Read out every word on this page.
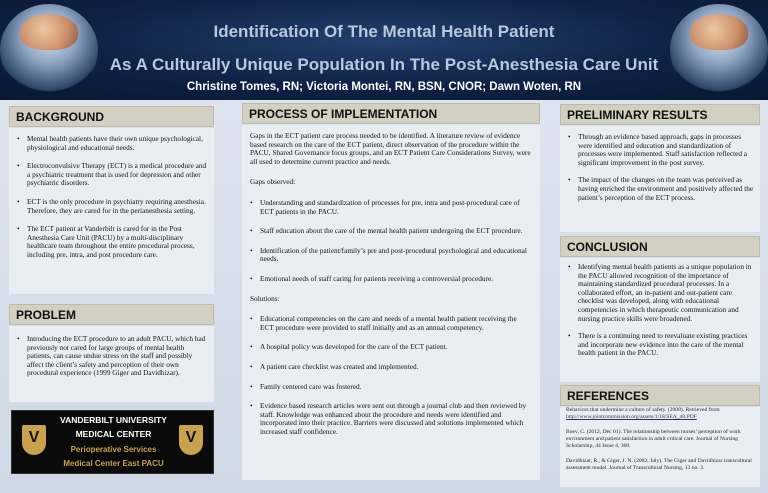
Identification Of The Mental Health Patient
As A Culturally Unique Population In The Post-Anesthesia Care Unit
Christine Tomes, RN; Victoria Montei, RN, BSN, CNOR; Dawn Woten, RN
BACKGROUND
• Mental health patients have their own unique psychological, physiological and educational needs.
• Electroconvulsive Therapy (ECT) is a medical procedure and a psychiatric treatment that is used for depression and other psychiatric disorders.
• ECT is the only procedure in psychiatry requiring anesthesia. Therefore, they are cared for in the perianesthesia setting.
• The ECT patient at Vanderbilt is cared for in the Post Anesthesia Care Unit (PACU) by a multi-disciplinary healthcare team throughout the entire procedural process, including pre, intra, and post procedure care.
PROBLEM
• Introducing the ECT procedure to an adult PACU, which had previously not cared for large groups of mental health patients, can cause undue stress on the staff and possibly affect the client’s safety and perception of their own procedural experience (1999 Giger and Davidhizar).
V	V
VANDERBILT UNIVERSITY
MEDICAL CENTER
Perioperative Services
Medical Center East PACU
PROCESS OF IMPLEMENTATION

Gaps in the ECT patient care process needed to be identified. A literature review of evidence based research on the care of the ECT patient, direct observation of the procedure within the PACU, Shared Governance focus groups, and an ECT Patient Care Considerations Survey, were all used to determine current practice and needs.

Gaps observed:

• Understanding and standardization of processes for pre, intra and post-procedural care of ECT patients in the PACU.
• Staff education about the care of the mental health patient undergoing the ECT procedure.
• Identification of the patient/family’s pre and post-procedural psychological and educational needs.
• Emotional needs of staff caring for patients receiving a controversial procedure.

Solutions:

• Educational competencies on the care and needs of a mental health patient receiving the ECT procedure were provided to staff initially and as an annual competency.
• A hospital policy was developed for the care of the ECT patient.
• A patient care checklist was created and implemented.
• Family centered care was fostered.
• Evidence based research articles were sent out through a journal club and then reviewed by staff. Knowledge was enhanced about the procedure and needs were identified and incorporated into their practice. Barriers were discussed and solutions implemented which increased staff confidence.
PRELIMINARY RESULTS
• Through an evidence based approach, gaps in processes were identified and education and standardization of processes were implemented. Staff satisfaction reflected a significant improvement in the post survey.
• The impact of the changes on the team was perceived as having enriched the environment and positively affected the patient’s perception of the ECT process.
CONCLUSION
• Identifying mental health patients as a unique population in the PACU allowed recognition of the importance of maintaining standardized procedural processes. In a collaborated effort, an in-patient and out-patient care checklist was developed, along with educational competencies in which therapeutic communication and nursing practice skills were broadened.
• There is a continuing need to reevaluate existing practices and incorporate new evidence into the care of the mental health patient in the PACU.
REFERENCES

Behaviors that undermine a culture of safety. (2008). Retrieved from
http://www.jointcommission.org/assets/1/18/SEA_40.PDF

Boev, C. (2012, Dec 01). The relationship between nurses’ perception of work environment and patient satisfaction in adult critical care. Journal of Nursing Scholarship, 44 Issue 4, 368.

Davidhizar, R., & Giger, J. N. (2002, July). The Giger and Davidhizar transcultural assessment model. Journal of Transcultural Nursing, 13 no. 3.
